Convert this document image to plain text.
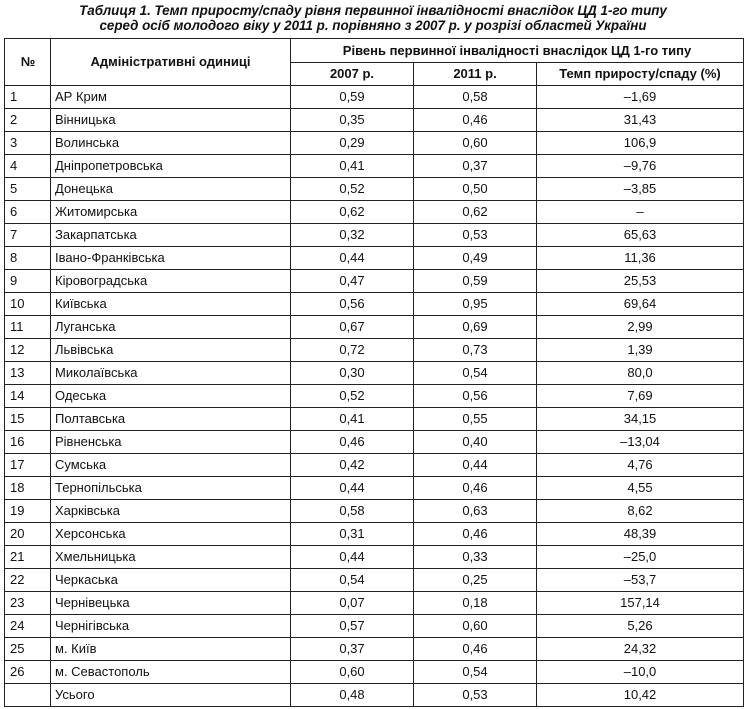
Таблиця 1. Темп приросту/спаду рівня первинної інвалідності внаслідок ЦД 1-го типу
серед осіб молодого віку у 2011 р. порівняно з 2007 р. у розрізі областей України
№	Адміністративні одиниці	Рівень первинної інвалідності внаслідок ЦД 1-го типу		
		2007 р.	2011 р.	Темп приросту/спаду (%)
1	АР Крим	0,59	0,58	–1,69
2	Вінницька	0,35	0,46	31,43
3	Волинська	0,29	0,60	106,9
4	Дніпропетровська	0,41	0,37	–9,76
5	Донецька	0,52	0,50	–3,85
6	Житомирська	0,62	0,62	–
7	Закарпатська	0,32	0,53	65,63
8	Івано-Франківська	0,44	0,49	11,36
9	Кіровоградська	0,47	0,59	25,53
10	Київська	0,56	0,95	69,64
11	Луганська	0,67	0,69	2,99
12	Львівська	0,72	0,73	1,39
13	Миколаївська	0,30	0,54	80,0
14	Одеська	0,52	0,56	7,69
15	Полтавська	0,41	0,55	34,15
16	Рівненська	0,46	0,40	–13,04
17	Сумська	0,42	0,44	4,76
18	Тернопільська	0,44	0,46	4,55
19	Харківська	0,58	0,63	8,62
20	Херсонська	0,31	0,46	48,39
21	Хмельницька	0,44	0,33	–25,0
22	Черкаська	0,54	0,25	–53,7
23	Чернівецька	0,07	0,18	157,14
24	Чернігівська	0,57	0,60	5,26
25	м. Київ	0,37	0,46	24,32
26	м. Севастополь	0,60	0,54	–10,0
	Усього	0,48	0,53	10,42
